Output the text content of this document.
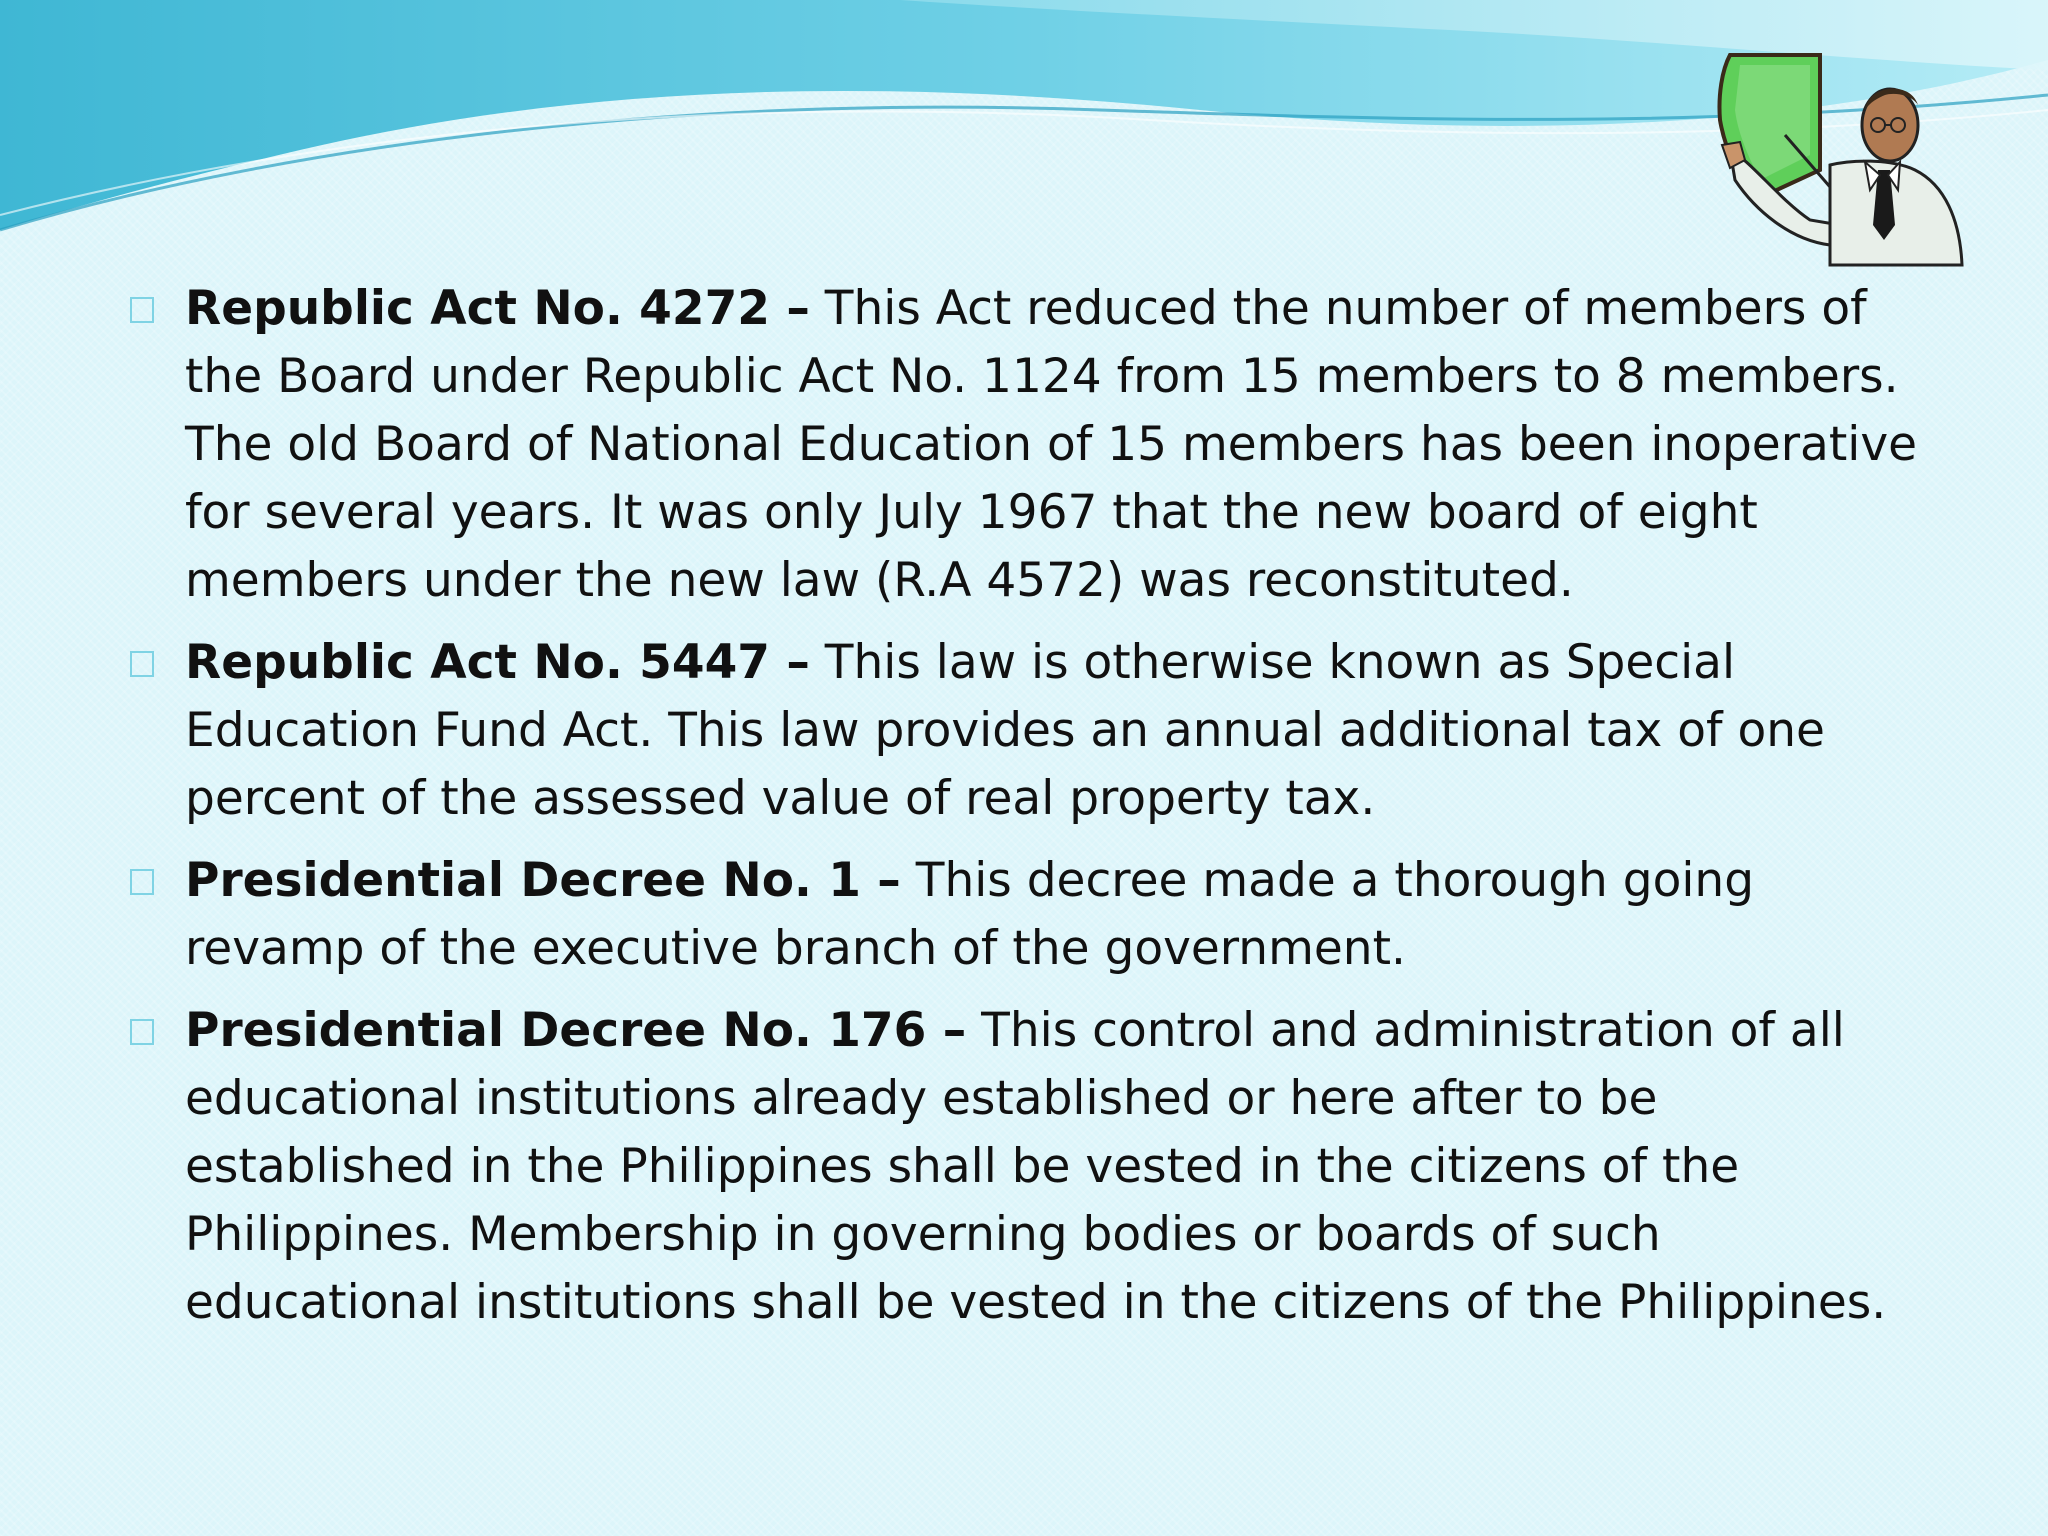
Republic Act No. 4272 – This Act reduced the number of members of the Board under Republic Act No. 1124 from 15 members to 8 members. The old Board of National Education of 15 members has been inoperative for several years. It was only July 1967 that the new board of eight members under the new law (R.A 4572) was reconstituted.
Republic Act No. 5447 – This law is otherwise known as Special Education Fund Act. This law provides an annual additional tax of one percent of the assessed value of real property tax.
Presidential Decree No. 1 – This decree made a thorough going revamp of the executive branch of the government.
Presidential Decree No. 176 – This control and administration of all educational institutions already established or here after to be established in the Philippines shall be vested in the citizens of the Philippines. Membership in governing bodies or boards of such educational institutions shall be vested in the citizens of the Philippines.
